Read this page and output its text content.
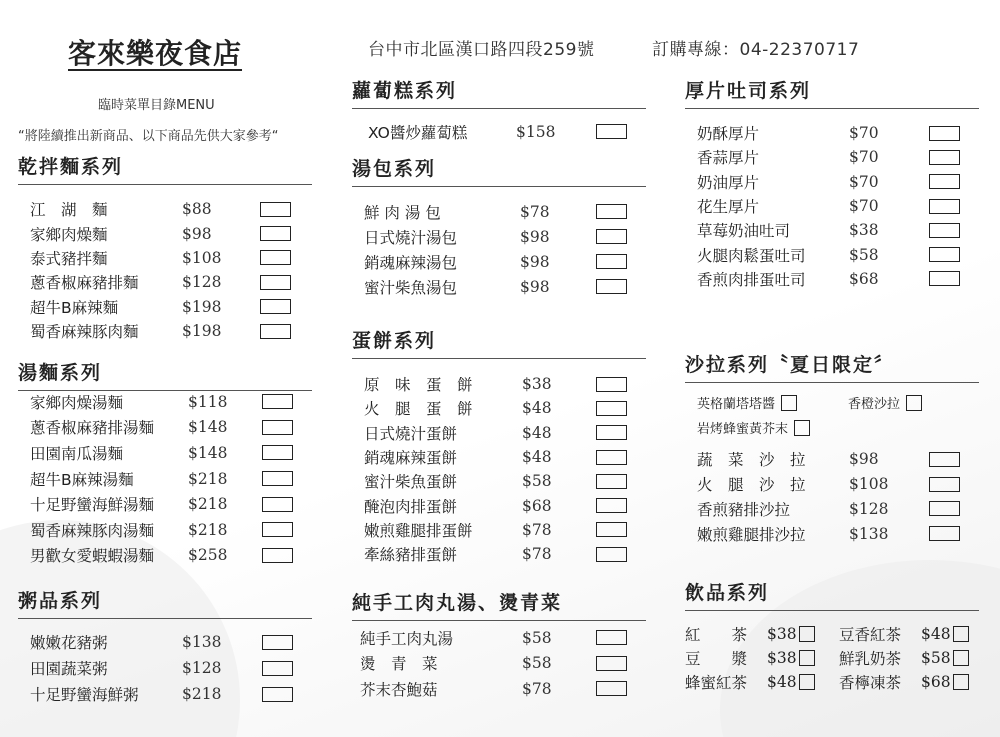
客來樂夜食店
臨時菜單目錄MENU
“將陸續推出新商品、以下商品先供大家參考“
台中市北區漢口路四段259號	訂購專線：04-22370717
乾拌麵系列
江　湖　麵	$88
家鄉肉燥麵	$98
泰式豬拌麵	$108
蔥香椒麻豬排麵	$128
超牛B麻辣麵	$198
蜀香麻辣豚肉麵	$198
湯麵系列
家鄉肉燥湯麵	$118
蔥香椒麻豬排湯麵	$148
田園南瓜湯麵	$148
超牛B麻辣湯麵	$218
十足野蠻海鮮湯麵	$218
蜀香麻辣豚肉湯麵	$218
男歡女愛蝦蝦湯麵	$258
粥品系列
嫩嫩花豬粥	$138
田園蔬菜粥	$128
十足野蠻海鮮粥	$218
蘿蔔糕系列
XO醬炒蘿蔔糕	$158
湯包系列
鮮 肉 湯 包	$78
日式燒汁湯包	$98
銷魂麻辣湯包	$98
蜜汁柴魚湯包	$98
蛋餅系列
原　味　蛋　餅	$38
火　腿　蛋　餅	$48
日式燒汁蛋餅	$48
銷魂麻辣蛋餅	$48
蜜汁柴魚蛋餅	$58
醃泡肉排蛋餅	$68
嫩煎雞腿排蛋餅	$78
牽絲豬排蛋餅	$78
純手工肉丸湯、燙青菜
純手工肉丸湯	$58
燙　青　菜	$58
芥末杏鮑菇	$78
厚片吐司系列
奶酥厚片	$70
香蒜厚片	$70
奶油厚片	$70
花生厚片	$70
草莓奶油吐司	$38
火腿肉鬆蛋吐司	$58
香煎肉排蛋吐司	$68
沙拉系列〝夏日限定〞
英格蘭塔塔醬	香橙沙拉
岩烤蜂蜜黃芥末
蔬　菜　沙　拉	$98
火　腿　沙　拉	$108
香煎豬排沙拉	$128
嫩煎雞腿排沙拉	$138
飲品系列
紅　　茶	$38	豆香紅茶	$48
豆　　漿	$38	鮮乳奶茶	$58
蜂蜜紅茶	$48	香檸凍茶	$68
